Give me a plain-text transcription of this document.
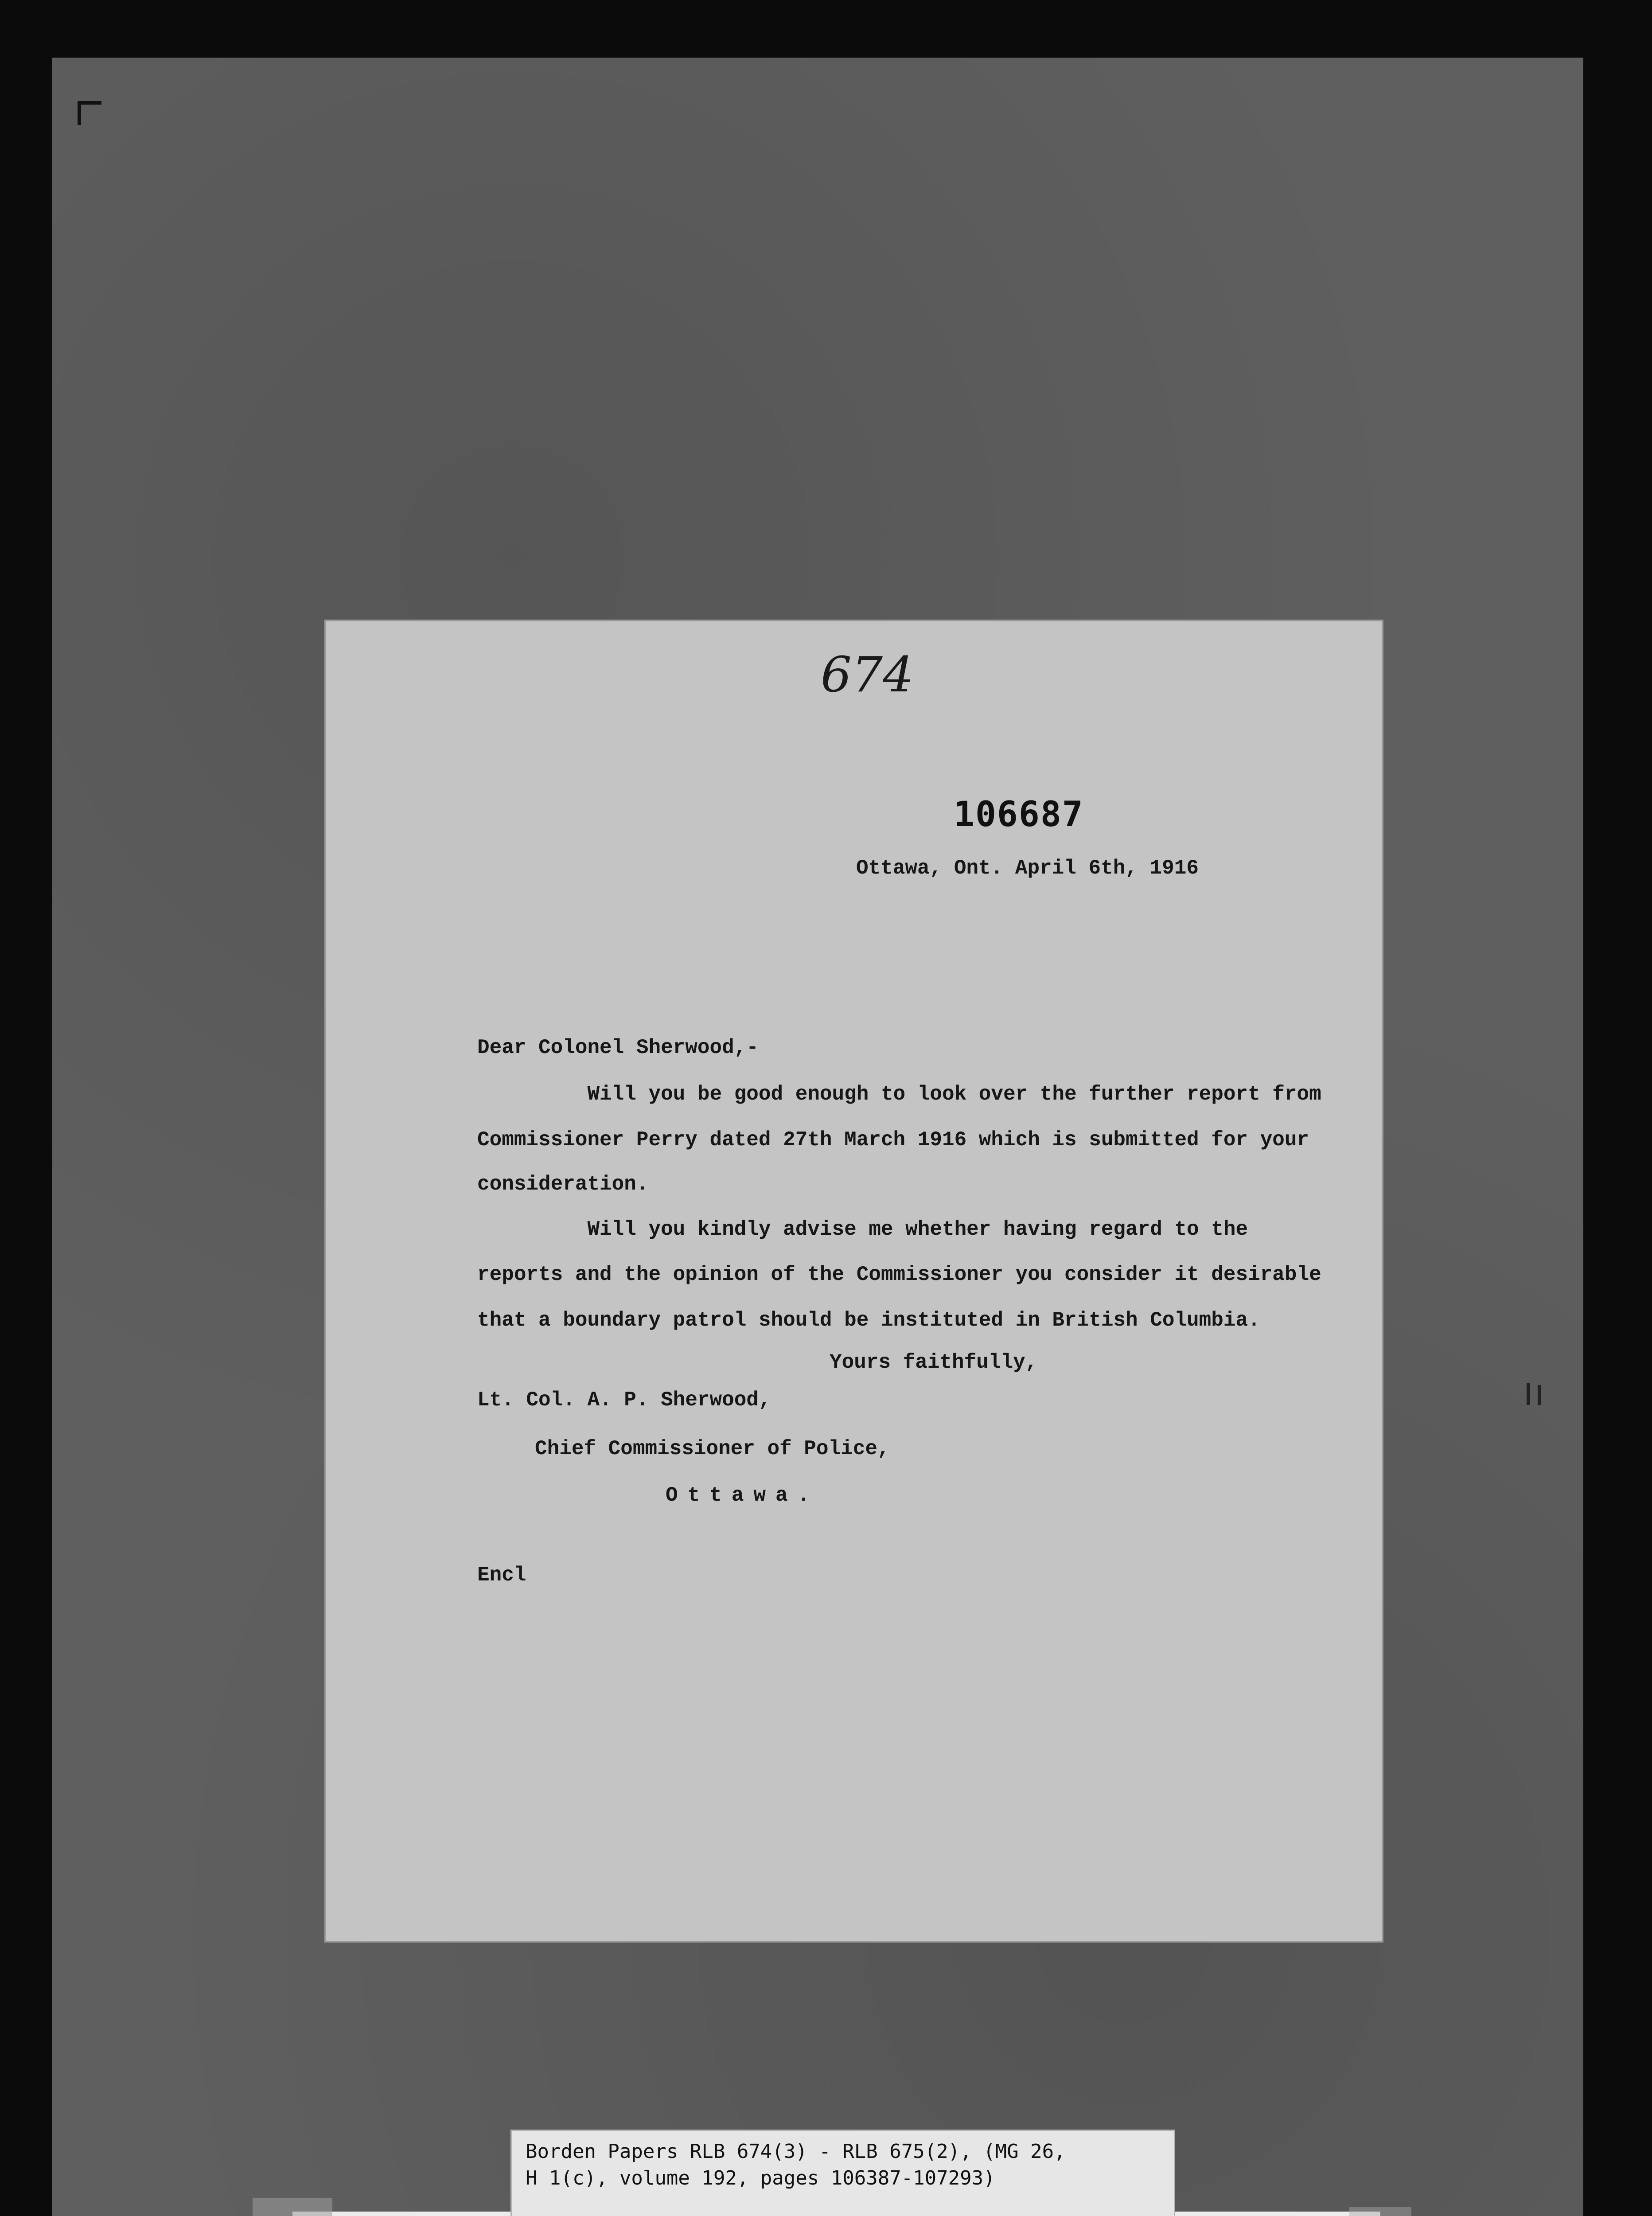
674
106687
Ottawa, Ont. April 6th, 1916
Dear Colonel Sherwood,-
Will you be good enough to look over the further report from
Commissioner Perry dated 27th March 1916 which is submitted for your
consideration.
Will you kindly advise me whether having regard to the
reports and the opinion of the Commissioner you consider it desirable
that a boundary patrol should be instituted in British Columbia.
Yours faithfully,
Lt. Col. A. P. Sherwood,
Chief Commissioner of Police,
Ottawa.
Encl
Borden Papers RLB 674(3) - RLB 675(2), (MG 26,
H 1(c), volume 192, pages 106387-107293)
